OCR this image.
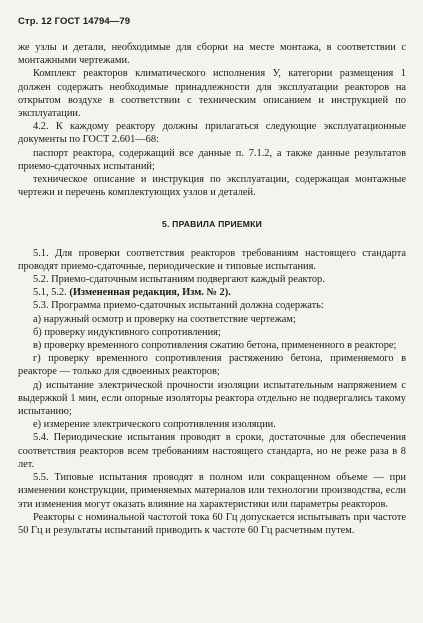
Стр. 12 ГОСТ 14794—79

же узлы и детали, необходимые для сборки на месте монтажа, в соответствии с монтажными чертежами.

Комплект реакторов климатического исполнения У, категории размещения 1 должен содержать необходимые принадлежности для эксплуатации реакторов на открытом воздухе в соответствии с техническим описанием и инструкцией по эксплуатации.

4.2. К каждому реактору должны прилагаться следующие эксплуатационные документы по ГОСТ 2.601—68:

паспорт реактора, содержащий все данные п. 7.1.2, а также данные результатов приемо-сдаточных испытаний;

техническое описание и инструкция по эксплуатации, содержащая монтажные чертежи и перечень комплектующих узлов и деталей.

5. ПРАВИЛА ПРИЕМКИ

5.1. Для проверки соответствия реакторов требованиям настоящего стандарта проводят приемо-сдаточные, периодические и типовые испытания.

5.2. Приемо-сдаточным испытаниям подвергают каждый реактор.

5.1, 5.2. (Измененная редакция, Изм. № 2).

5.3. Программа приемо-сдаточных испытаний должна содержать:

а) наружный осмотр и проверку на соответствие чертежам;

б) проверку индуктивного сопротивления;

в) проверку временного сопротивления сжатию бетона, примененного в реакторе;

г) проверку временного сопротивления растяжению бетона, применяемого в реакторе — только для сдвоенных реакторов;

д) испытание электрической прочности изоляции испытательным напряжением с выдержкой 1 мин, если опорные изоляторы реактора отдельно не подвергались такому испытанию;

е) измерение электрического сопротивления изоляции.

5.4. Периодические испытания проводят в сроки, достаточные для обеспечения соответствия реакторов всем требованиям настоящего стандарта, но не реже раза в 8 лет.

5.5. Типовые испытания проводят в полном или сокращенном объеме — при изменении конструкции, применяемых материалов или технологии производства, если эти изменения могут оказать влияние на характеристики или параметры реакторов.

Реакторы с номинальной частотой тока 60 Гц допускается испытывать при частоте 50 Гц и результаты испытаний приводить к частоте 60 Гц расчетным путем.
